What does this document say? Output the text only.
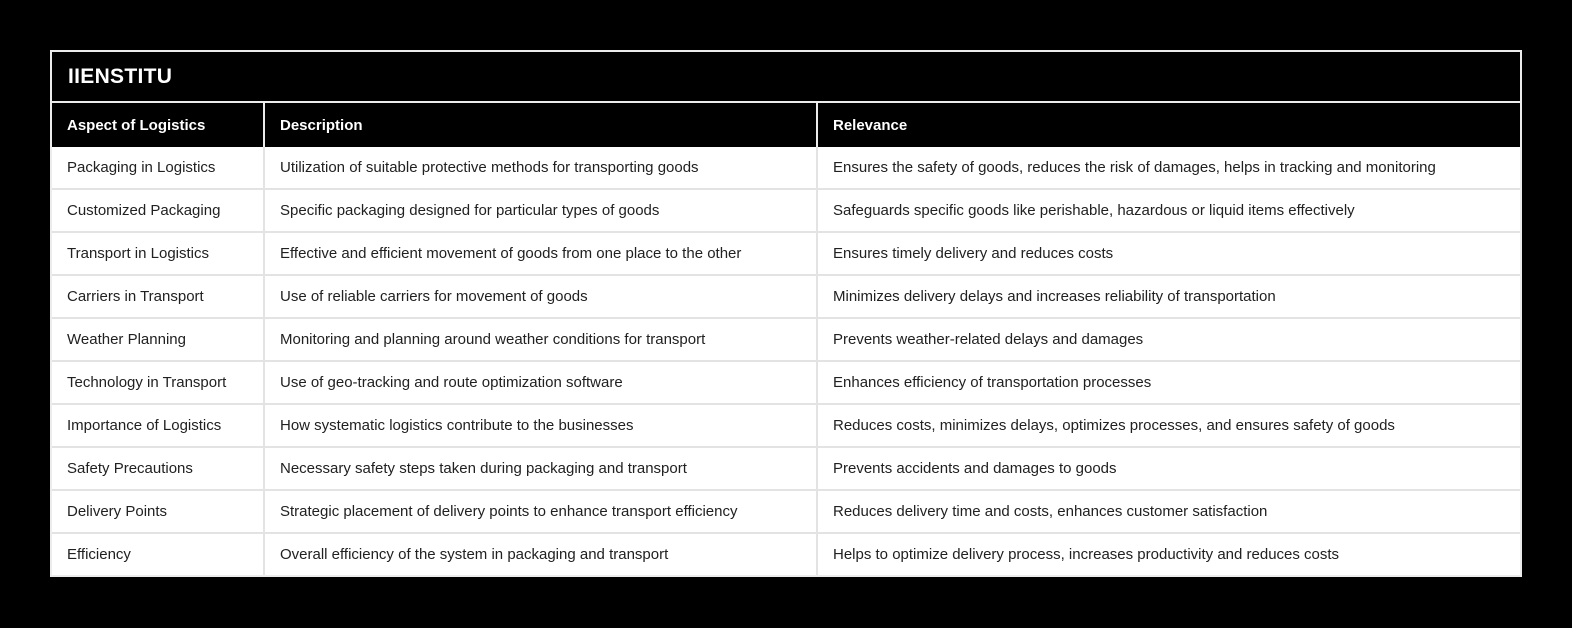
IIENSTITU
Aspect of Logistics	Description	Relevance
Packaging in Logistics	Utilization of suitable protective methods for transporting goods	Ensures the safety of goods, reduces the risk of damages, helps in tracking and monitoring
Customized Packaging	Specific packaging designed for particular types of goods	Safeguards specific goods like perishable, hazardous or liquid items effectively
Transport in Logistics	Effective and efficient movement of goods from one place to the other	Ensures timely delivery and reduces costs
Carriers in Transport	Use of reliable carriers for movement of goods	Minimizes delivery delays and increases reliability of transportation
Weather Planning	Monitoring and planning around weather conditions for transport	Prevents weather-related delays and damages
Technology in Transport	Use of geo-tracking and route optimization software	Enhances efficiency of transportation processes
Importance of Logistics	How systematic logistics contribute to the businesses	Reduces costs, minimizes delays, optimizes processes, and ensures safety of goods
Safety Precautions	Necessary safety steps taken during packaging and transport	Prevents accidents and damages to goods
Delivery Points	Strategic placement of delivery points to enhance transport efficiency	Reduces delivery time and costs, enhances customer satisfaction
Efficiency	Overall efficiency of the system in packaging and transport	Helps to optimize delivery process, increases productivity and reduces costs
